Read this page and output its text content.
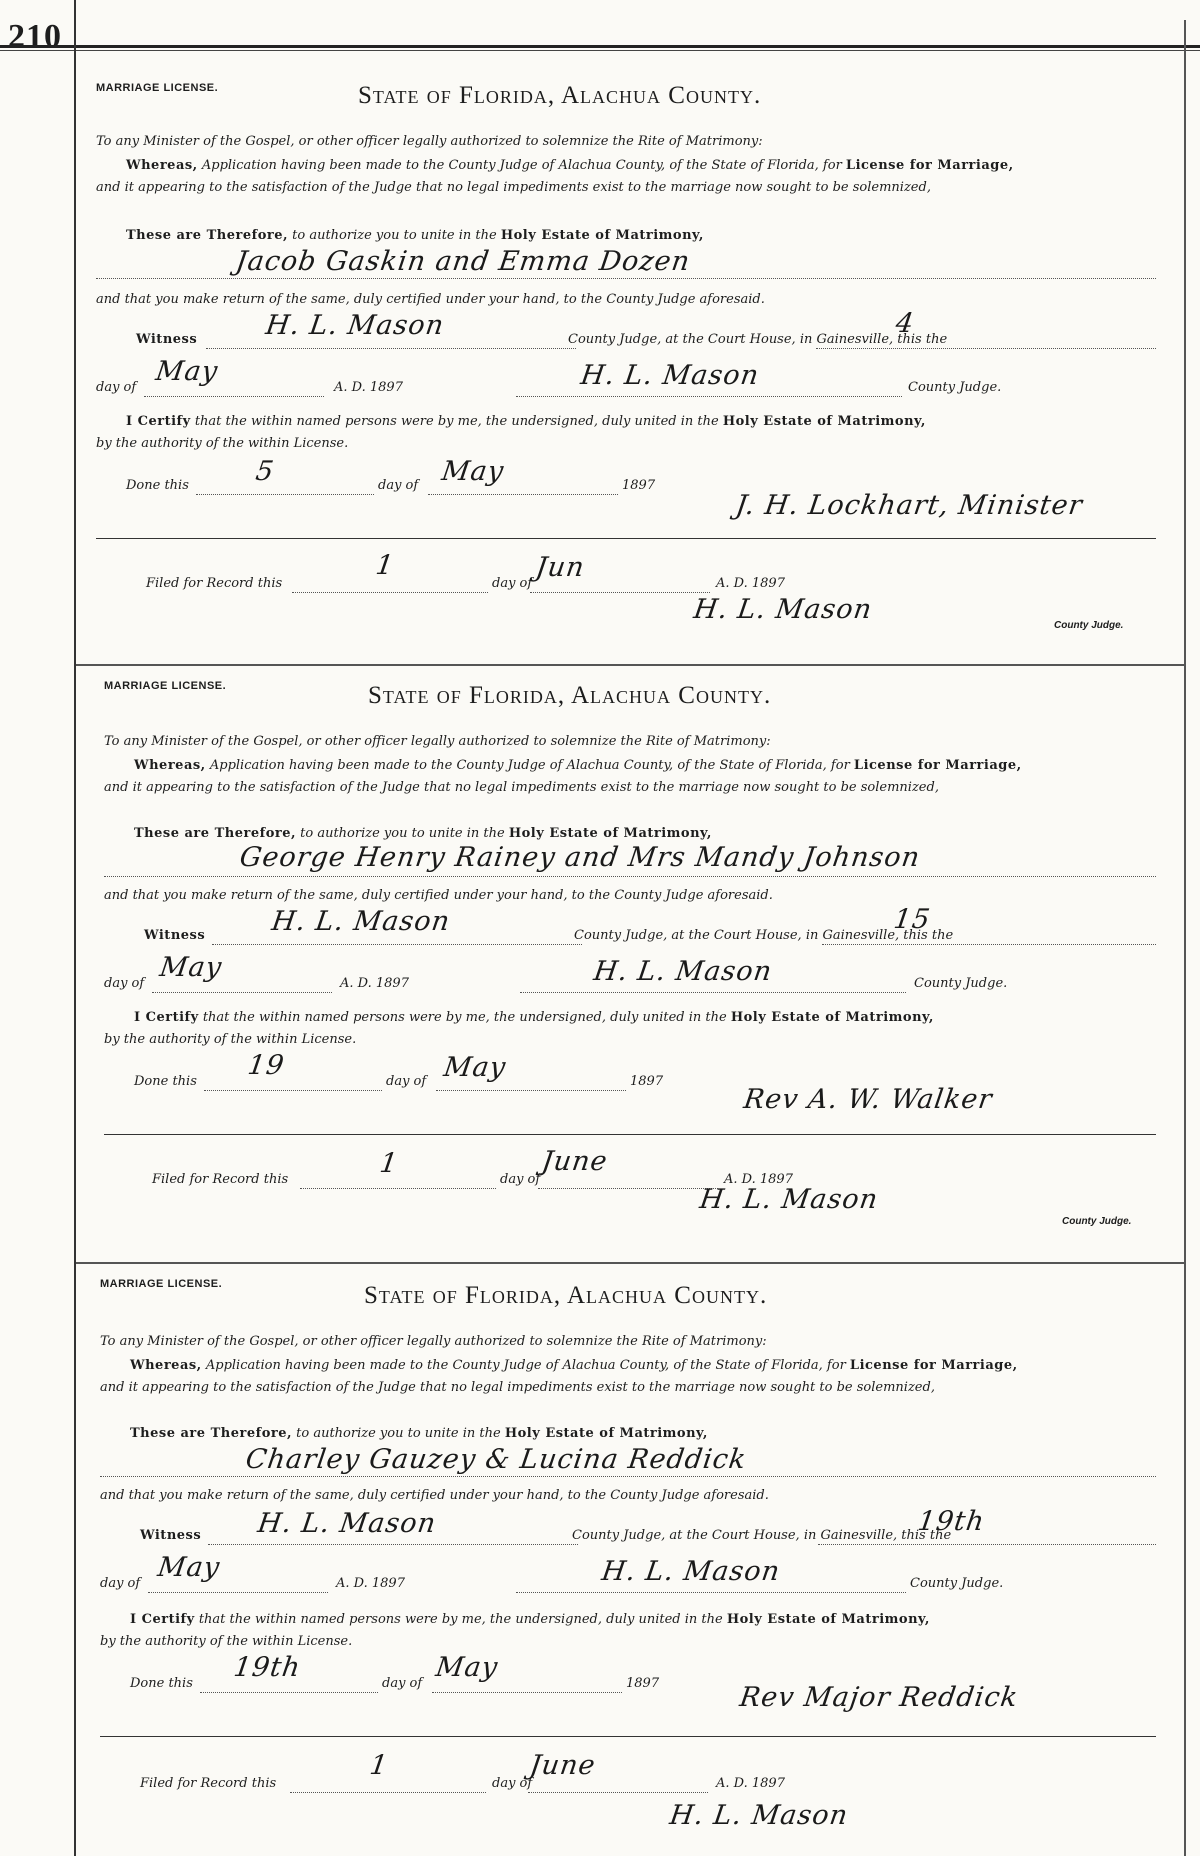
210
MARRIAGE LICENSE.	State of Florida, Alachua County.
To any Minister of the Gospel, or other officer legally authorized to solemnize the Rite of Matrimony:
Whereas, Application having been made to the County Judge of Alachua County, of the State of Florida, for License for Marriage,
and it appearing to the satisfaction of the Judge that no legal impediments exist to the marriage now sought to be solemnized,
These are Therefore, to authorize you to unite in the Holy Estate of Matrimony,
Jacob Gaskin and Emma Dozen
and that you make return of the same, duly certified under your hand, to the County Judge aforesaid.
Witness H. L. Mason	County Judge, at the Court House, in Gainesville, this the
4
day of
May
A. D. 1897	H. L. Mason	County Judge.
I Certify that the within named persons were by me, the undersigned, duly united in the Holy Estate of Matrimony,
by the authority of the within License.
Done this 5	day of May	1897
J. H. Lockhart, Minister
Filed for Record this
1
day of
Jun
A. D. 1897
H. L. Mason
County Judge.
MARRIAGE LICENSE.	State of Florida, Alachua County.
To any Minister of the Gospel, or other officer legally authorized to solemnize the Rite of Matrimony:
Whereas, Application having been made to the County Judge of Alachua County, of the State of Florida, for License for Marriage,
and it appearing to the satisfaction of the Judge that no legal impediments exist to the marriage now sought to be solemnized,
These are Therefore, to authorize you to unite in the Holy Estate of Matrimony,
George Henry Rainey and Mrs Mandy Johnson
and that you make return of the same, duly certified under your hand, to the County Judge aforesaid.
Witness H. L. Mason	County Judge, at the Court House, in Gainesville, this the
15
day of
May
A. D. 1897	H. L. Mason	County Judge.
I Certify that the within named persons were by me, the undersigned, duly united in the Holy Estate of Matrimony,
by the authority of the within License.
Done this
19
day of May	1897
Rev A. W. Walker
Filed for Record this
1
day of
June
A. D. 1897
H. L. Mason
County Judge.
MARRIAGE LICENSE.	State of Florida, Alachua County.
To any Minister of the Gospel, or other officer legally authorized to solemnize the Rite of Matrimony:
Whereas, Application having been made to the County Judge of Alachua County, of the State of Florida, for License for Marriage,
and it appearing to the satisfaction of the Judge that no legal impediments exist to the marriage now sought to be solemnized,
These are Therefore, to authorize you to unite in the Holy Estate of Matrimony,
Charley Gauzey & Lucina Reddick
and that you make return of the same, duly certified under your hand, to the County Judge aforesaid.
Witness H. L. Mason	County Judge, at the Court House, in Gainesville, this the
19th
day of
May
A. D. 1897	H. L. Mason	County Judge.
I Certify that the within named persons were by me, the undersigned, duly united in the Holy Estate of Matrimony,
by the authority of the within License.
Done this
19th
day of
May
1897	Rev Major Reddick
Filed for Record this
1
day of
June
A. D. 1897
H. L. Mason
